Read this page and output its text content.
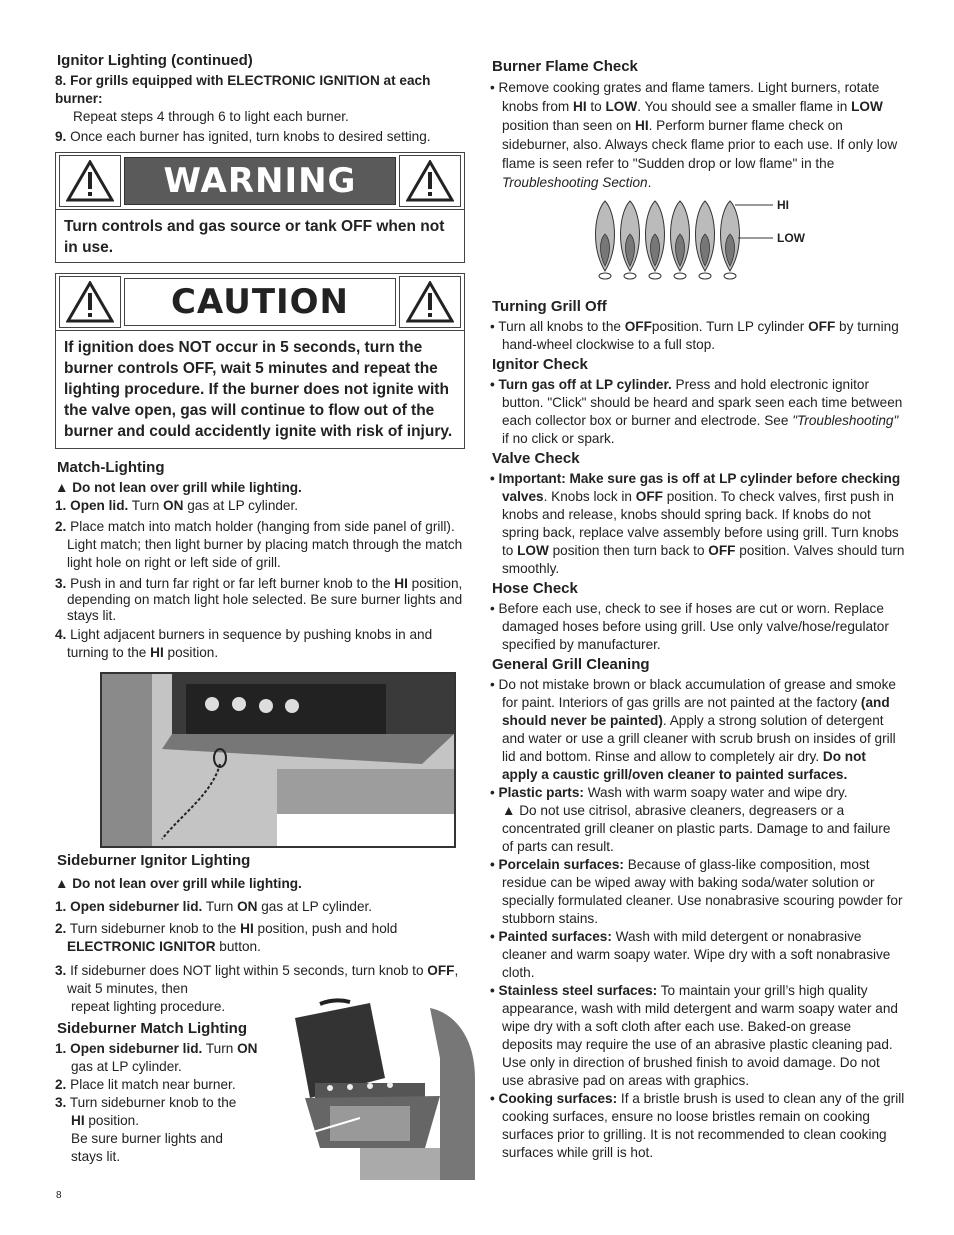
Ignitor Lighting (continued)
8. For grills equipped with ELECTRONIC IGNITION at each burner:
Repeat steps 4 through 6 to light each burner.
9. Once each burner has ignited, turn knobs to desired setting.
WARNING
Turn controls and gas source or tank OFF when not in use.
CAUTION
If ignition does NOT occur in 5 seconds, turn the burner controls OFF, wait 5 minutes and repeat the lighting procedure. If the burner does not ignite with the valve open, gas will continue to flow out of the burner and could accidently ignite with risk of injury.
Match-Lighting
▲ Do not lean over grill while lighting.
1. Open lid. Turn ON gas at LP cylinder.
2. Place match into match holder (hanging from side panel of grill). Light match; then light burner by placing match through the match light hole on right or left side of grill.
3. Push in and turn far right or far left burner knob to the HI position, depending on match light hole selected. Be sure burner lights and stays lit.
4. Light adjacent burners in sequence by pushing knobs in and turning to the HI position.
Sideburner Ignitor Lighting
▲ Do not lean over grill while lighting.
1. Open sideburner lid. Turn ON gas at LP cylinder.
2. Turn sideburner knob to the HI position, push and hold ELECTRONIC IGNITOR button.
3. If sideburner does NOT light within 5 seconds, turn knob to OFF, wait 5 minutes, then
repeat lighting procedure.
Sideburner Match Lighting
1. Open sideburner lid. Turn ON
gas at LP cylinder.
2. Place lit match near burner.
3. Turn sideburner knob to the
HI position.
Be sure burner lights and
stays lit.
Burner Flame Check
• Remove cooking grates and flame tamers. Light burners, rotate knobs from HI to LOW. You should see a smaller flame in LOW position than seen on HI. Perform burner flame check on sideburner, also. Always check flame prior to each use. If only low flame is seen refer to "Sudden drop or low flame" in the Troubleshooting Section.
HI
LOW
Turning Grill Off
• Turn all knobs to the OFFposition. Turn LP cylinder OFF by turning hand-wheel clockwise to a full stop.
Ignitor Check
• Turn gas off at LP cylinder. Press and hold electronic ignitor button. "Click" should be heard and spark seen each time between each collector box or burner and electrode. See "Troubleshooting" if no click or spark.
Valve Check
• Important: Make sure gas is off at LP cylinder before checking valves. Knobs lock in OFF position. To check valves, first push in knobs and release, knobs should spring back. If knobs do not spring back, replace valve assembly before using grill. Turn knobs to LOW position then turn back to OFF position. Valves should turn smoothly.
Hose Check
• Before each use, check to see if hoses are cut or worn. Replace damaged hoses before using grill. Use only valve/hose/regulator specified by manufacturer.
General Grill Cleaning
• Do not mistake brown or black accumulation of grease and smoke for paint. Interiors of gas grills are not painted at the factory (and should never be painted). Apply a strong solution of detergent and water or use a grill cleaner with scrub brush on insides of grill lid and bottom. Rinse and allow to completely air dry. Do not apply a caustic grill/oven cleaner to painted surfaces.
• Plastic parts: Wash with warm soapy water and wipe dry.
▲ Do not use citrisol, abrasive cleaners, degreasers or a concentrated grill cleaner on plastic parts. Damage to and failure of parts can result.
• Porcelain surfaces: Because of glass-like composition, most residue can be wiped away with baking soda/water solution or specially formulated cleaner. Use nonabrasive scouring powder for stubborn stains.
• Painted surfaces: Wash with mild detergent or nonabrasive cleaner and warm soapy water. Wipe dry with a soft nonabrasive cloth.
• Stainless steel surfaces: To maintain your grill’s high quality appearance, wash with mild detergent and warm soapy water and wipe dry with a soft cloth after each use. Baked-on grease deposits may require the use of an abrasive plastic cleaning pad. Use only in direction of brushed finish to avoid damage. Do not use abrasive pad on areas with graphics.
• Cooking surfaces: If a bristle brush is used to clean any of the grill cooking surfaces, ensure no loose bristles remain on cooking surfaces prior to grilling. It is not recommended to clean cooking surfaces while grill is hot.
8
